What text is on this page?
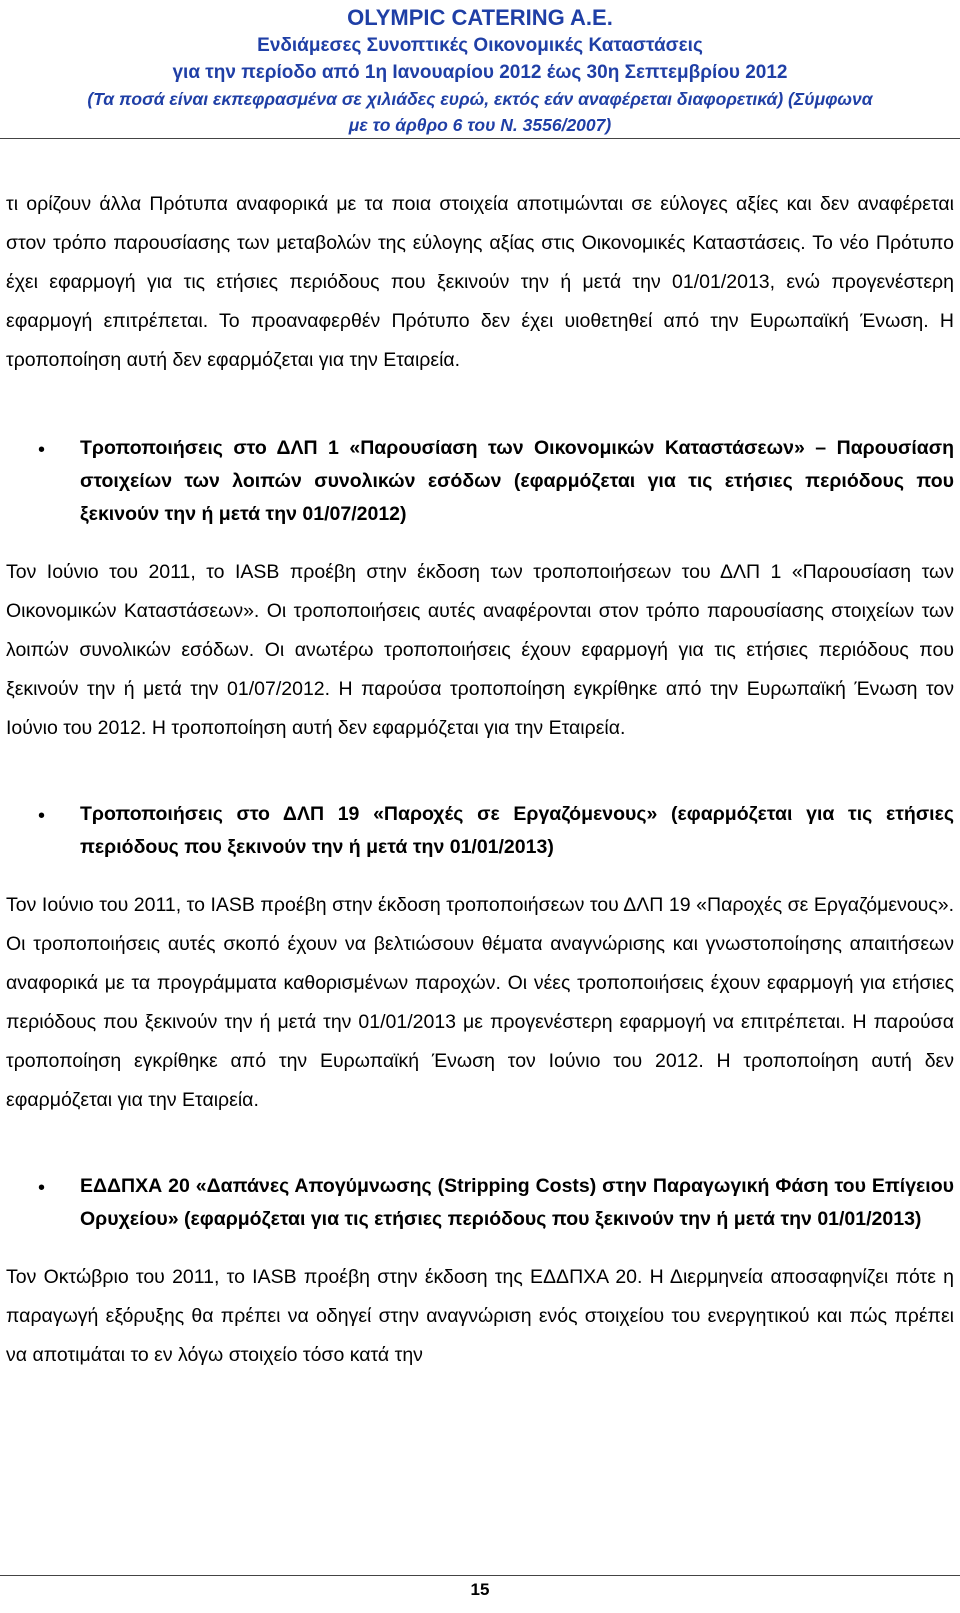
OLYMPIC CATERING A.E.
Ενδιάμεσες Συνοπτικές Οικονομικές Καταστάσεις
για την περίοδο από 1η Ιανουαρίου 2012 έως 30η Σεπτεμβρίου 2012
(Τα ποσά είναι εκπεφρασμένα σε χιλιάδες ευρώ, εκτός εάν αναφέρεται διαφορετικά) (Σύμφωνα
με το άρθρο 6 του Ν. 3556/2007)

τι ορίζουν άλλα Πρότυπα αναφορικά με τα ποια στοιχεία αποτιμώνται σε εύλογες αξίες και δεν αναφέρεται στον τρόπο παρουσίασης των μεταβολών της εύλογης αξίας στις Οικονομικές Καταστάσεις. Το νέο Πρότυπο έχει εφαρμογή για τις ετήσιες περιόδους που ξεκινούν την ή μετά την 01/01/2013, ενώ προγενέστερη εφαρμογή επιτρέπεται. Το προαναφερθέν Πρότυπο δεν έχει υιοθετηθεί από την Ευρωπαϊκή Ένωση. Η τροποποίηση αυτή δεν εφαρμόζεται για την Εταιρεία.

• Τροποποιήσεις στο ΔΛΠ 1 «Παρουσίαση των Οικονομικών Καταστάσεων» – Παρουσίαση στοιχείων των λοιπών συνολικών εσόδων (εφαρμόζεται για τις ετήσιες περιόδους που ξεκινούν την ή μετά την 01/07/2012)

Τον Ιούνιο του 2011, το IASB προέβη στην έκδοση των τροποποιήσεων του ΔΛΠ 1 «Παρουσίαση των Οικονομικών Καταστάσεων». Οι τροποποιήσεις αυτές αναφέρονται στον τρόπο παρουσίασης στοιχείων των λοιπών συνολικών εσόδων. Οι ανωτέρω τροποποιήσεις έχουν εφαρμογή για τις ετήσιες περιόδους που ξεκινούν την ή μετά την 01/07/2012. Η παρούσα τροποποίηση εγκρίθηκε από την Ευρωπαϊκή Ένωση τον Ιούνιο του 2012. Η τροποποίηση αυτή δεν εφαρμόζεται για την Εταιρεία.

• Τροποποιήσεις στο ΔΛΠ 19 «Παροχές σε Εργαζόμενους» (εφαρμόζεται για τις ετήσιες περιόδους που ξεκινούν την ή μετά την 01/01/2013)

Τον Ιούνιο του 2011, το IASB προέβη στην έκδοση τροποποιήσεων του ΔΛΠ 19 «Παροχές σε Εργαζόμενους». Οι τροποποιήσεις αυτές σκοπό έχουν να βελτιώσουν θέματα αναγνώρισης και γνωστοποίησης απαιτήσεων αναφορικά με τα προγράμματα καθορισμένων παροχών. Οι νέες τροποποιήσεις έχουν εφαρμογή για ετήσιες περιόδους που ξεκινούν την ή μετά την 01/01/2013 με προγενέστερη εφαρμογή να επιτρέπεται. Η παρούσα τροποποίηση εγκρίθηκε από την Ευρωπαϊκή Ένωση τον Ιούνιο του 2012. Η τροποποίηση αυτή δεν εφαρμόζεται για την Εταιρεία.

• ΕΔΔΠΧΑ 20 «Δαπάνες Απογύμνωσης (Stripping Costs) στην Παραγωγική Φάση του Επίγειου Ορυχείου» (εφαρμόζεται για τις ετήσιες περιόδους που ξεκινούν την ή μετά την 01/01/2013)

Τον Οκτώβριο του 2011, το IASB προέβη στην έκδοση της ΕΔΔΠΧΑ 20. Η Διερμηνεία αποσαφηνίζει πότε η παραγωγή εξόρυξης θα πρέπει να οδηγεί στην αναγνώριση ενός στοιχείου του ενεργητικού και πώς πρέπει να αποτιμάται το εν λόγω στοιχείο τόσο κατά την

15
